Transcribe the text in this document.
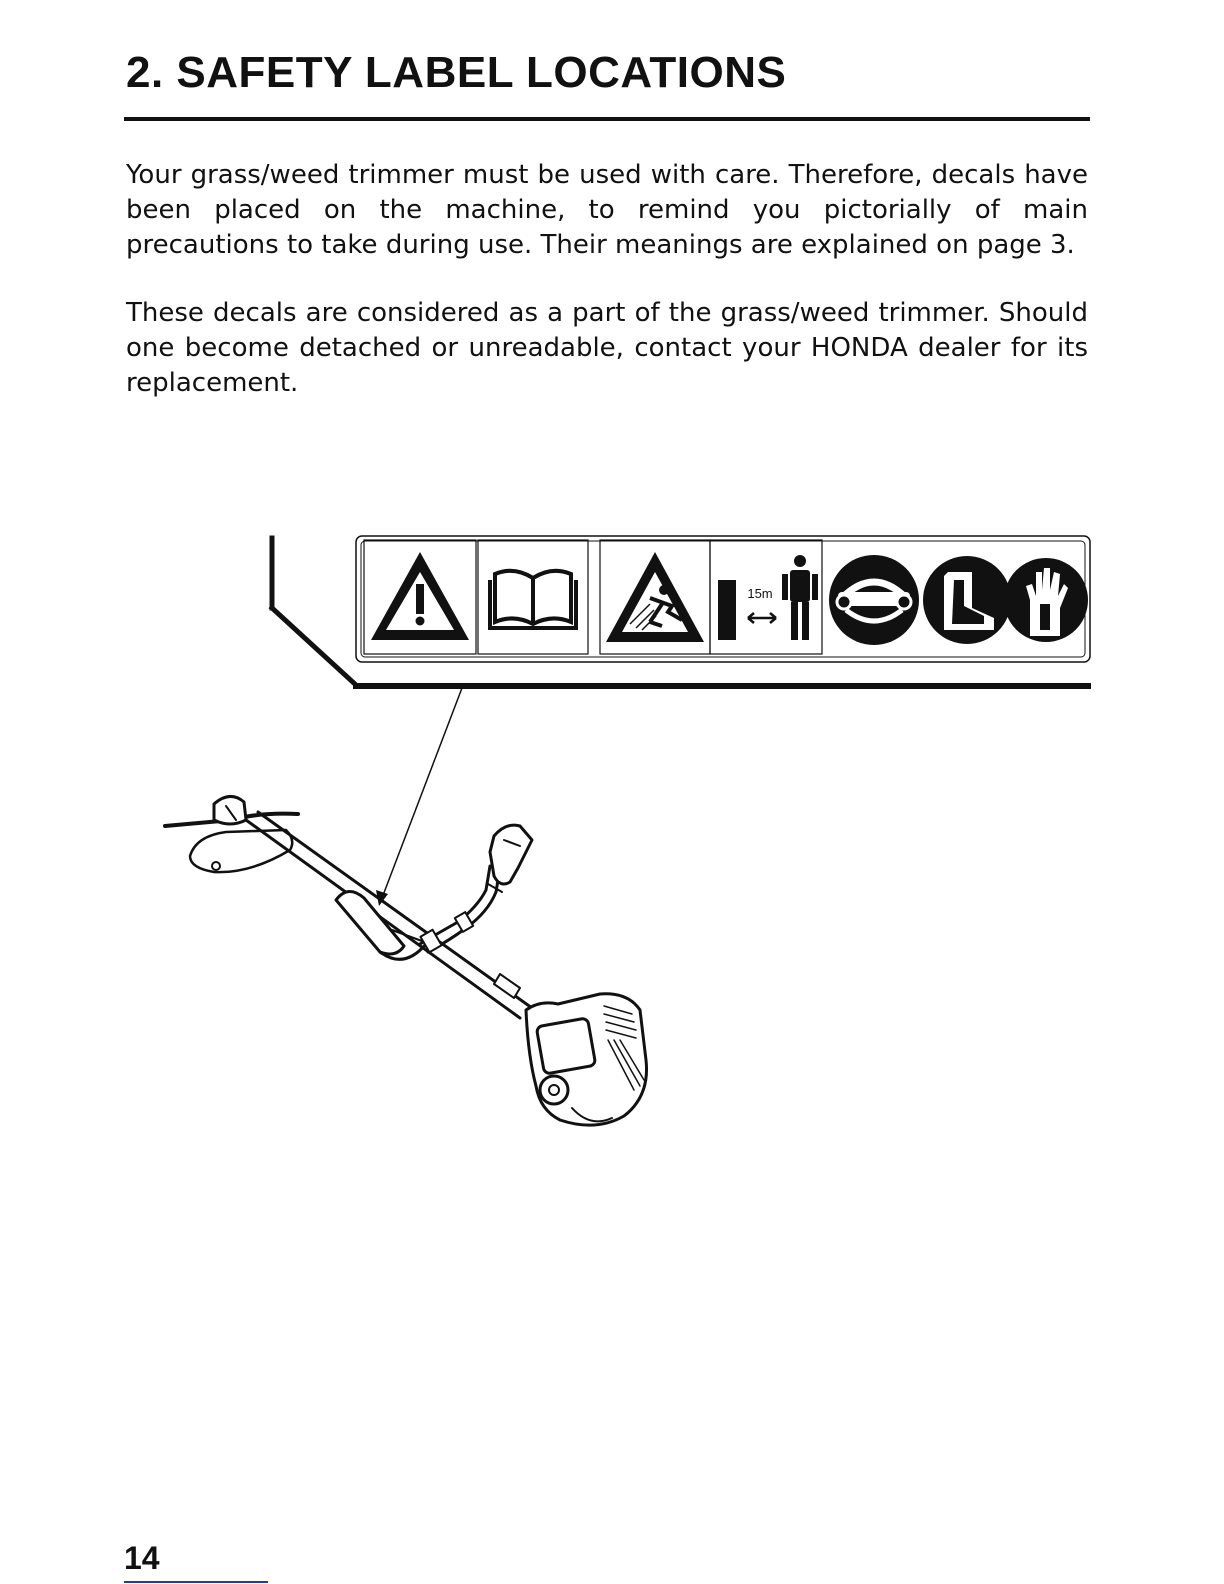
2. SAFETY LABEL LOCATIONS

Your grass/weed trimmer must be used with care. Therefore, decals have been placed on the machine, to remind you pictorially of main precautions to take during use. Their meanings are explained on page 3.

These decals are considered as a part of the grass/weed trimmer. Should one become detached or unreadable, contact your HONDA dealer for its replacement.

15m
14
